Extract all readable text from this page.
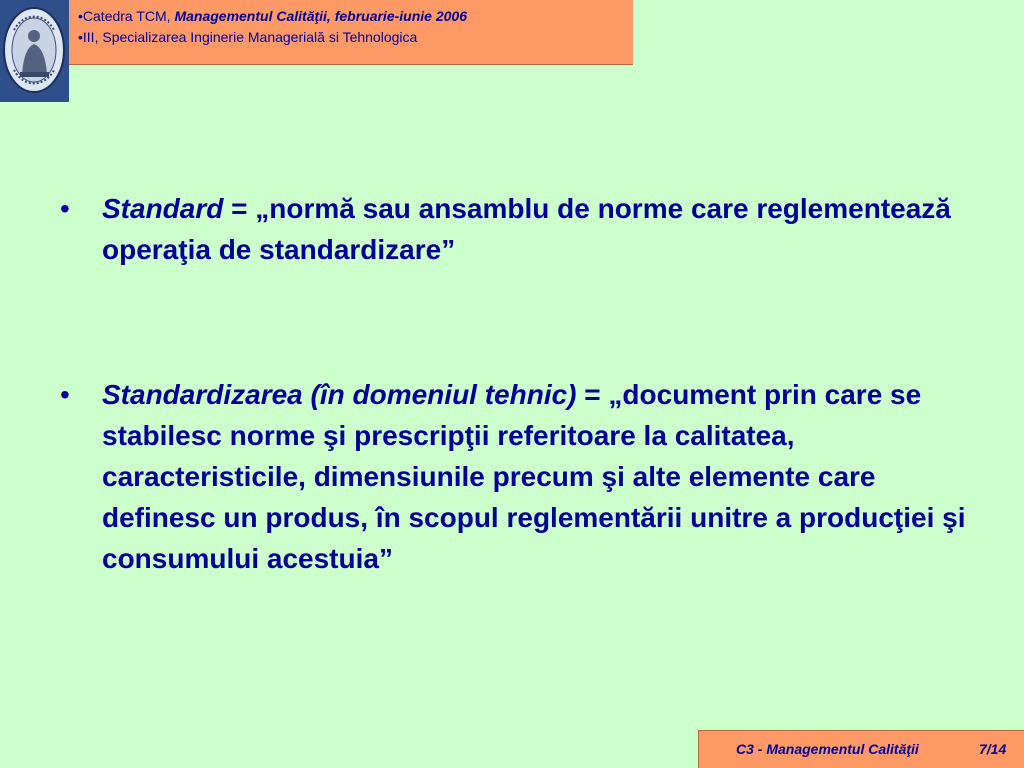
•Catedra TCM, Managementul Calităţii, februarie-iunie 2006
•III, Specializarea Inginerie Managerială si Tehnologica
• Standard = „normă sau ansamblu de norme care reglementează operaţia de standardizare”
• Standardizarea (în domeniul tehnic) = „document prin care se stabilesc norme şi prescripţii referitoare la calitatea, caracteristicile, dimensiunile precum şi alte elemente care definesc un produs, în scopul reglementării unitre a producţiei şi consumului acestuia”
C3 - Managementul Calităţii	7/14
